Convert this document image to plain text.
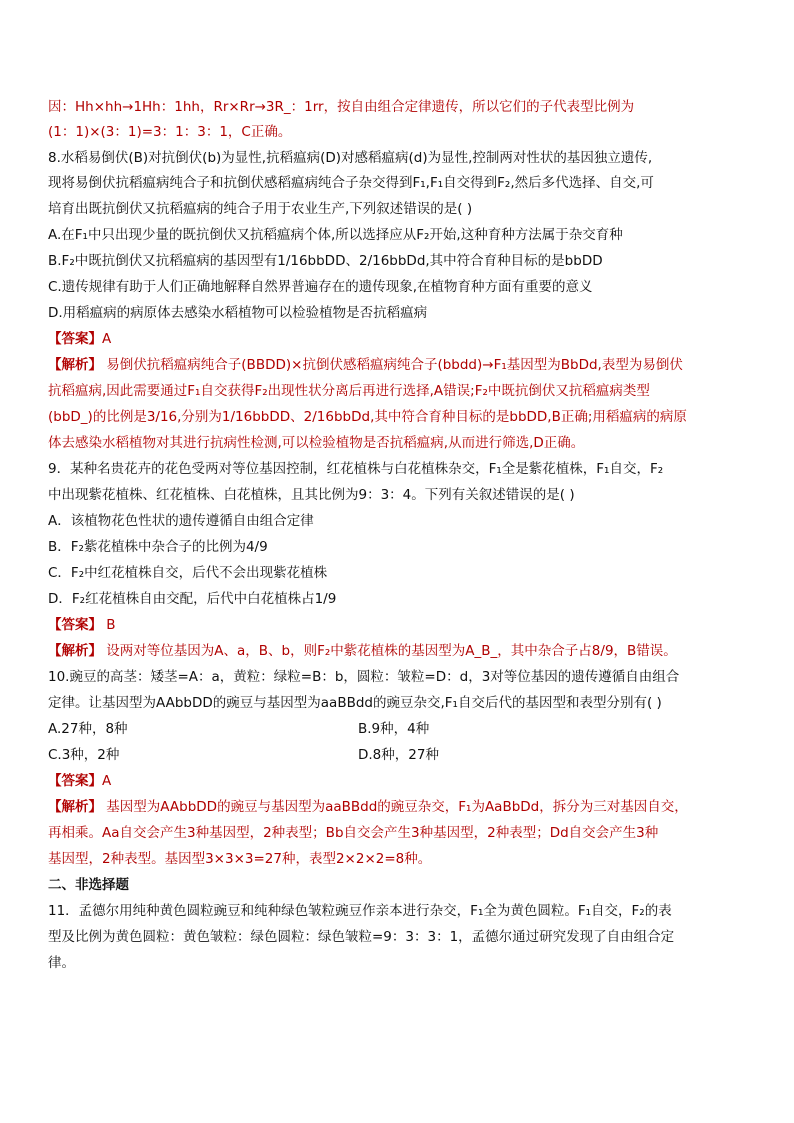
因：Hh×hh→1Hh：1hh，Rr×Rr→3R_：1rr，按自由组合定律遗传，所以它们的子代表型比例为
(1：1)×(3：1)=3：1：3：1，C正确。
8.水稻易倒伏(B)对抗倒伏(b)为显性,抗稻瘟病(D)对感稻瘟病(d)为显性,控制两对性状的基因独立遗传,
现将易倒伏抗稻瘟病纯合子和抗倒伏感稻瘟病纯合子杂交得到F₁,F₁自交得到F₂,然后多代选择、自交,可
培育出既抗倒伏又抗稻瘟病的纯合子用于农业生产,下列叙述错误的是( )
A.在F₁中只出现少量的既抗倒伏又抗稻瘟病个体,所以选择应从F₂开始,这种育种方法属于杂交育种
B.F₂中既抗倒伏又抗稻瘟病的基因型有1/16bbDD、2/16bbDd,其中符合育种目标的是bbDD
C.遗传规律有助于人们正确地解释自然界普遍存在的遗传现象,在植物育种方面有重要的意义
D.用稻瘟病的病原体去感染水稻植物可以检验植物是否抗稻瘟病
【答案】A
【解析】 易倒伏抗稻瘟病纯合子(BBDD)×抗倒伏感稻瘟病纯合子(bbdd)→F₁基因型为BbDd,表型为易倒伏
抗稻瘟病,因此需要通过F₁自交获得F₂出现性状分离后再进行选择,A错误;F₂中既抗倒伏又抗稻瘟病类型
(bbD_)的比例是3/16,分别为1/16bbDD、2/16bbDd,其中符合育种目标的是bbDD,B正确;用稻瘟病的病原
体去感染水稻植物对其进行抗病性检测,可以检验植物是否抗稻瘟病,从而进行筛选,D正确。
9．某种名贵花卉的花色受两对等位基因控制，红花植株与白花植株杂交，F₁全是紫花植株，F₁自交，F₂
中出现紫花植株、红花植株、白花植株，且其比例为9：3：4。下列有关叙述错误的是( )
A．该植物花色性状的遗传遵循自由组合定律
B．F₂紫花植株中杂合子的比例为4/9
C．F₂中红花植株自交，后代不会出现紫花植株
D．F₂红花植株自由交配，后代中白花植株占1/9
【答案】 B
【解析】 设两对等位基因为A、a，B、b，则F₂中紫花植株的基因型为A_B_，其中杂合子占8/9，B错误。
10.豌豆的高茎：矮茎=A：a，黄粒：绿粒=B：b，圆粒：皱粒=D：d，3对等位基因的遗传遵循自由组合
定律。让基因型为AAbbDD的豌豆与基因型为aaBBdd的豌豆杂交,F₁自交后代的基因型和表型分别有( )
A.27种，8种	B.9种，4种
C.3种，2种	D.8种，27种
【答案】A
【解析】 基因型为AAbbDD的豌豆与基因型为aaBBdd的豌豆杂交，F₁为AaBbDd，拆分为三对基因自交，
再相乘。Aa自交会产生3种基因型，2种表型；Bb自交会产生3种基因型，2种表型；Dd自交会产生3种
基因型，2种表型。基因型3×3×3=27种，表型2×2×2=8种。
二、非选择题
11．孟德尔用纯种黄色圆粒豌豆和纯种绿色皱粒豌豆作亲本进行杂交，F₁全为黄色圆粒。F₁自交，F₂的表
型及比例为黄色圆粒：黄色皱粒：绿色圆粒：绿色皱粒=9：3：3：1，孟德尔通过研究发现了自由组合定
律。
